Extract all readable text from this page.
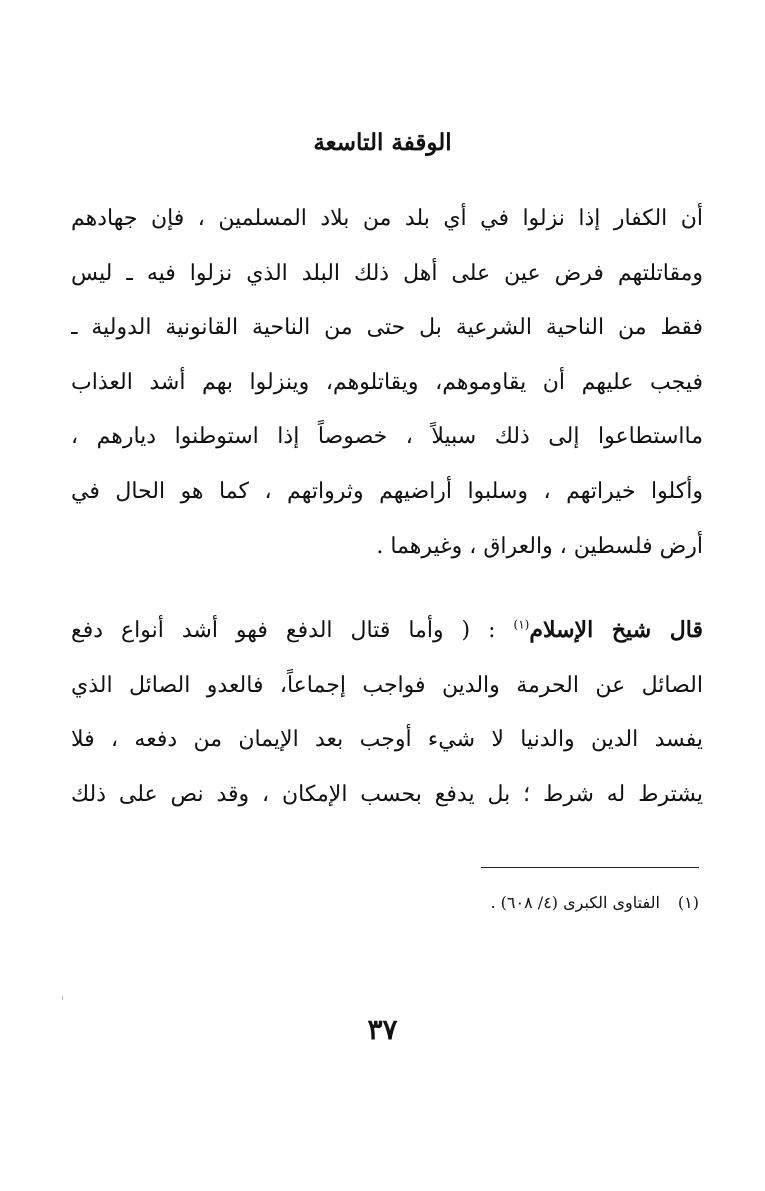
الوقفة التاسعة
أن الكفار إذا نزلوا في أي بلد من بلاد المسلمين ، فإن جهادهم
ومقاتلتهم فرض عين على أهل ذلك البلد الذي نزلوا فيه ـ ليس
فقط من الناحية الشرعية بل حتى من الناحية القانونية الدولية ـ
فيجب عليهم أن يقاوموهم، ويقاتلوهم، وينزلوا بهم أشد العذاب
مااستطاعوا إلى ذلك سبيلاً ، خصوصاً إذا استوطنوا ديارهم ،
وأكلوا خيراتهم ، وسلبوا أراضيهم وثرواتهم ، كما هو الحال في
أرض فلسطين ، والعراق ، وغيرهما .
قال شيخ الإسلام$^{(١)}$ : ( وأما قتال الدفع فهو أشد أنواع دفع
الصائل عن الحرمة والدين فواجب إجماعاً، فالعدو الصائل الذي
يفسد الدين والدنيا لا شيء أوجب بعد الإيمان من دفعه ، فلا
يشترط له شرط ؛ بل يدفع بحسب الإمكان ، وقد نص على ذلك
(١)الفتاوى الكبرى (٤/ ٦٠٨) .
٣٧
